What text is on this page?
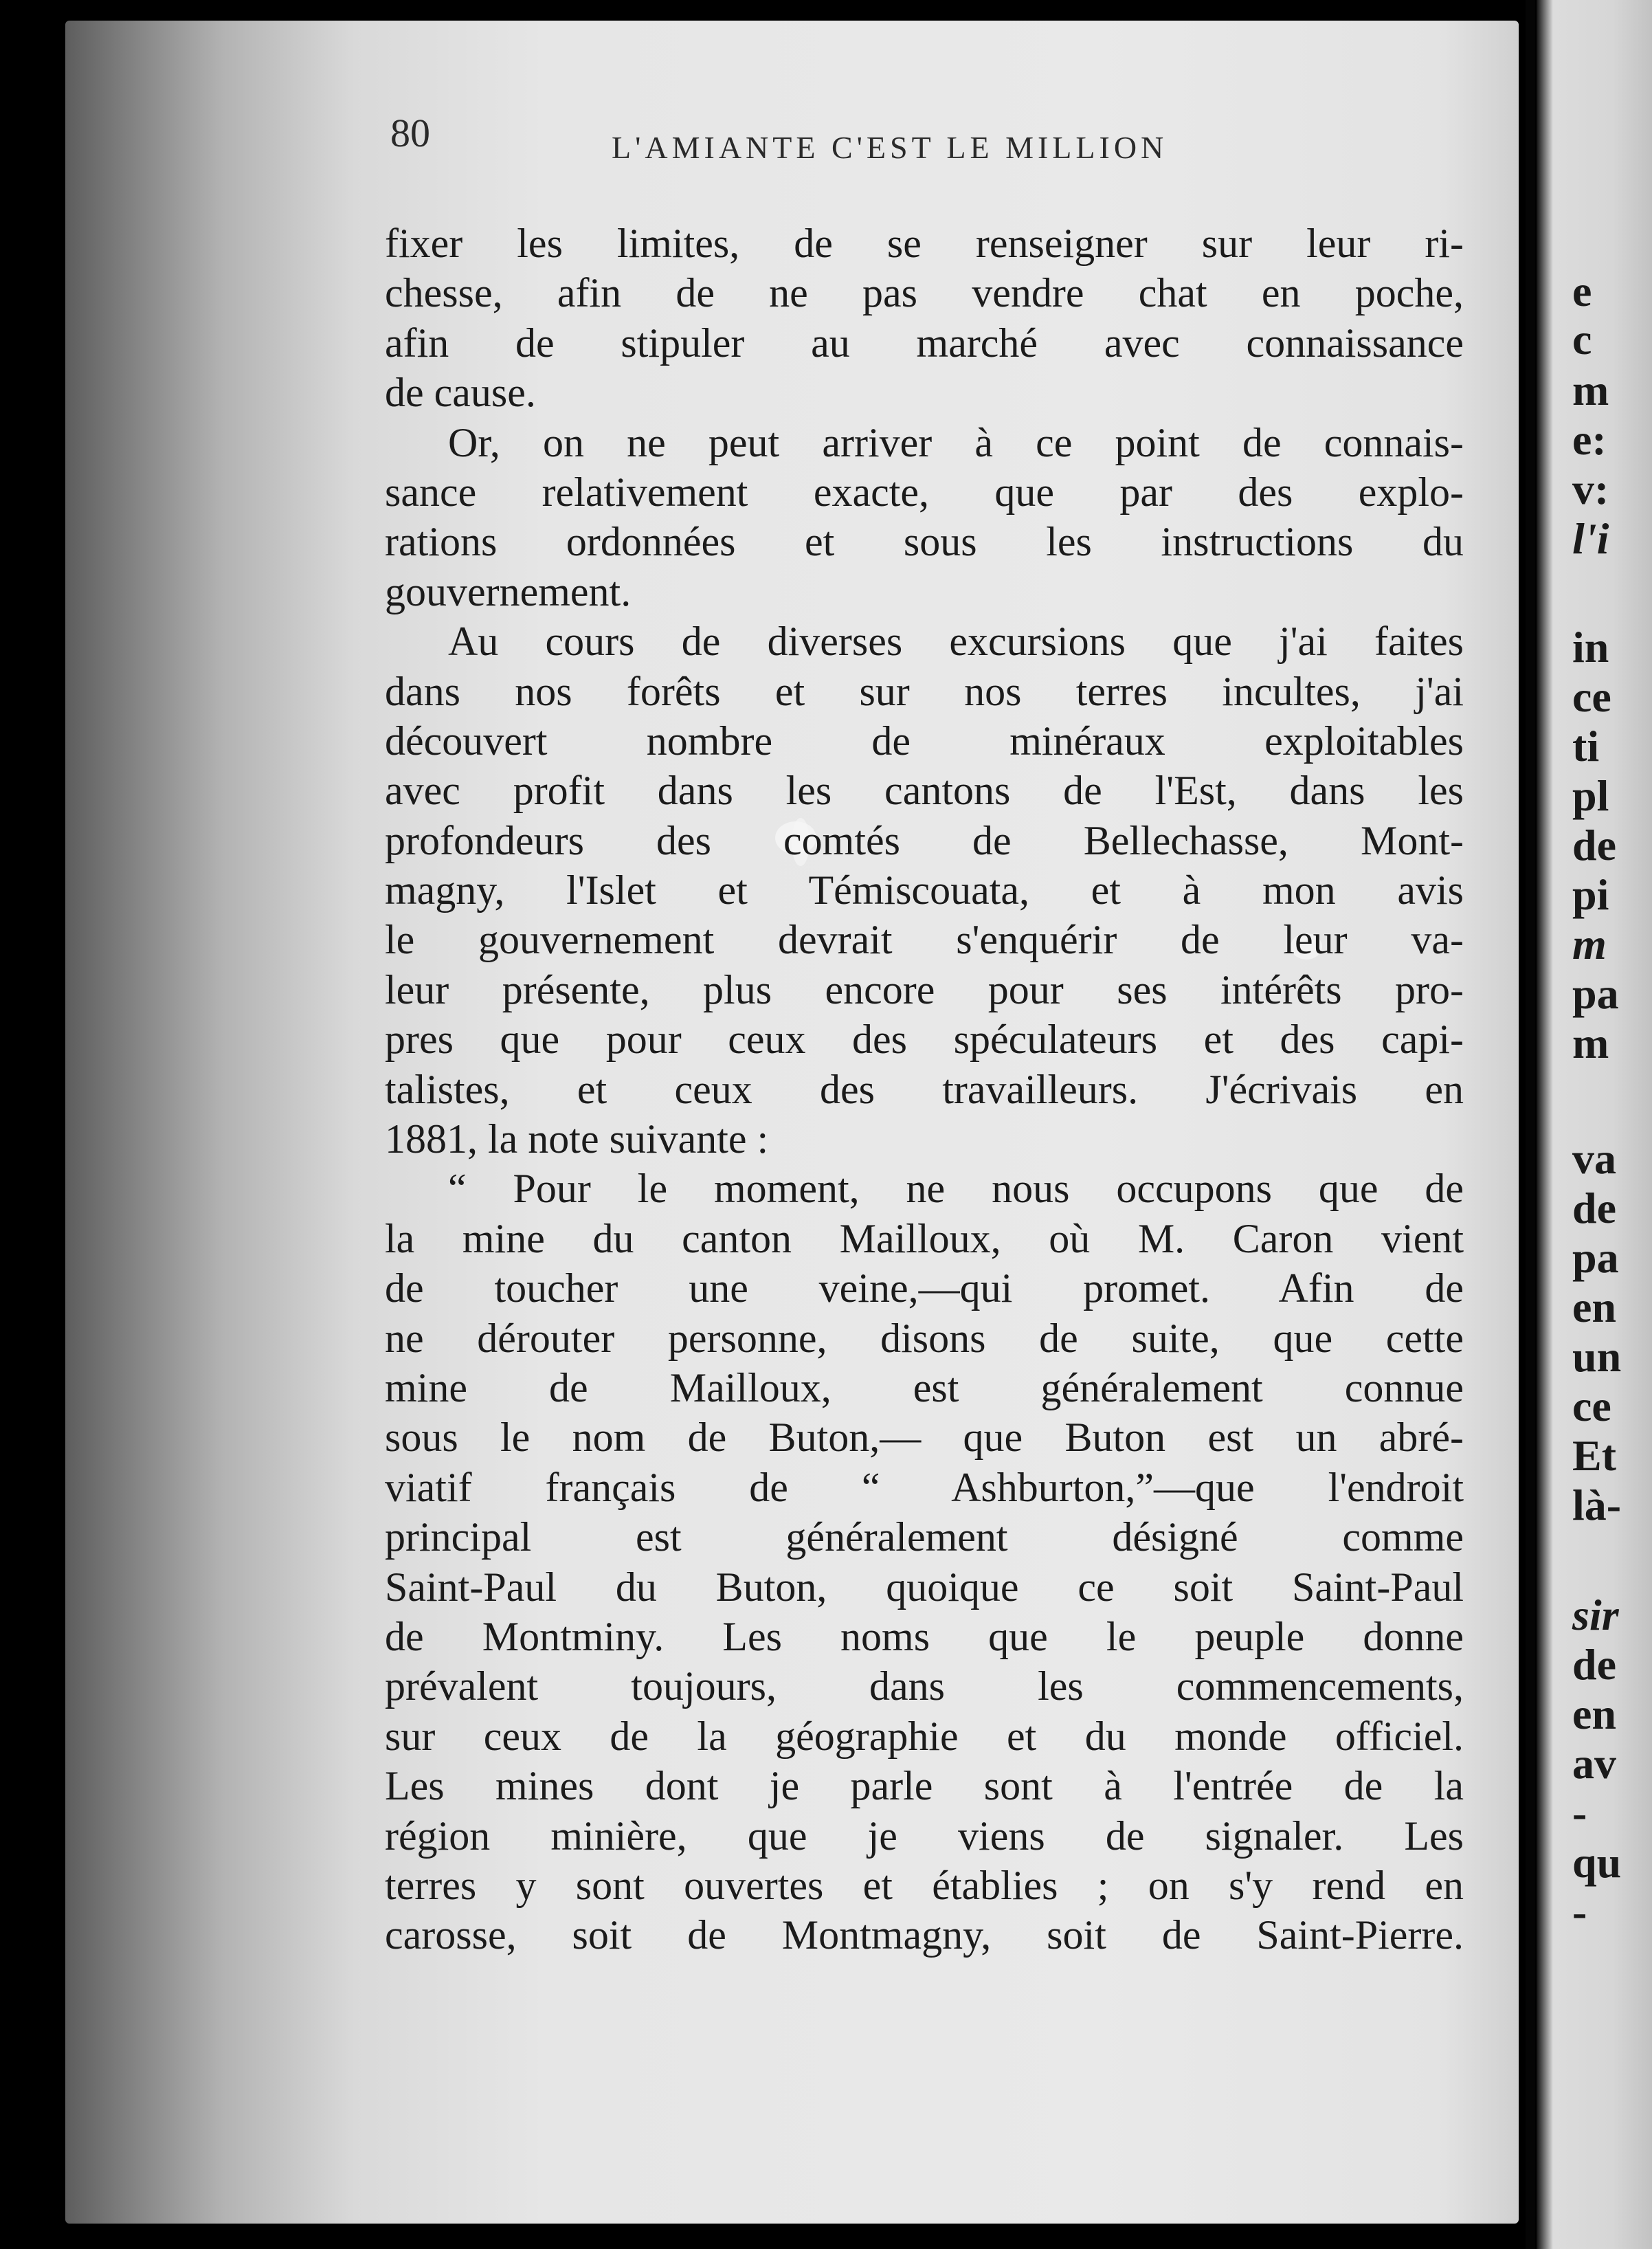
80	L'AMIANTE C'EST LE MILLION

fixer les limites, de se renseigner sur leur ri-
chesse, afin de ne pas vendre chat en poche,
afin de stipuler au marché avec connaissance
de cause.

Or, on ne peut arriver à ce point de connais-
sance relativement exacte, que par des explo-
rations ordonnées et sous les instructions du
gouvernement.

Au cours de diverses excursions que j'ai faites
dans nos forêts et sur nos terres incultes, j'ai
découvert nombre de minéraux exploitables
avec profit dans les cantons de l'Est, dans les
profondeurs des comtés de Bellechasse, Mont-
magny, l'Islet et Témiscouata, et à mon avis
le gouvernement devrait s'enquérir de leur va-
leur présente, plus encore pour ses intérêts pro-
pres que pour ceux des spéculateurs et des capi-
talistes, et ceux des travailleurs. J'écrivais en
1881, la note suivante :

“ Pour le moment, ne nous occupons que de
la mine du canton Mailloux, où M. Caron vient
de toucher une veine,—qui promet. Afin de
ne dérouter personne, disons de suite, que cette
mine de Mailloux, est généralement connue
sous le nom de Buton,— que Buton est un abré-
viatif français de “ Ashburton,”—que l'endroit
principal est généralement désigné comme
Saint-Paul du Buton, quoique ce soit Saint-Paul
de Montminy. Les noms que le peuple donne
prévalent toujours, dans les commencements,
sur ceux de la géographie et du monde officiel.
Les mines dont je parle sont à l'entrée de la
région minière, que je viens de signaler. Les
terres y sont ouvertes et établies ; on s'y rend en
carosse, soit de Montmagny, soit de Saint-Pierre.

e
c
m
e:
v:
l'i
in
ce
ti
pl
de
pi
m
pa
m
va
de
pa
en
un
ce
Et
là-
sir
de
en
av
-
qu
-
